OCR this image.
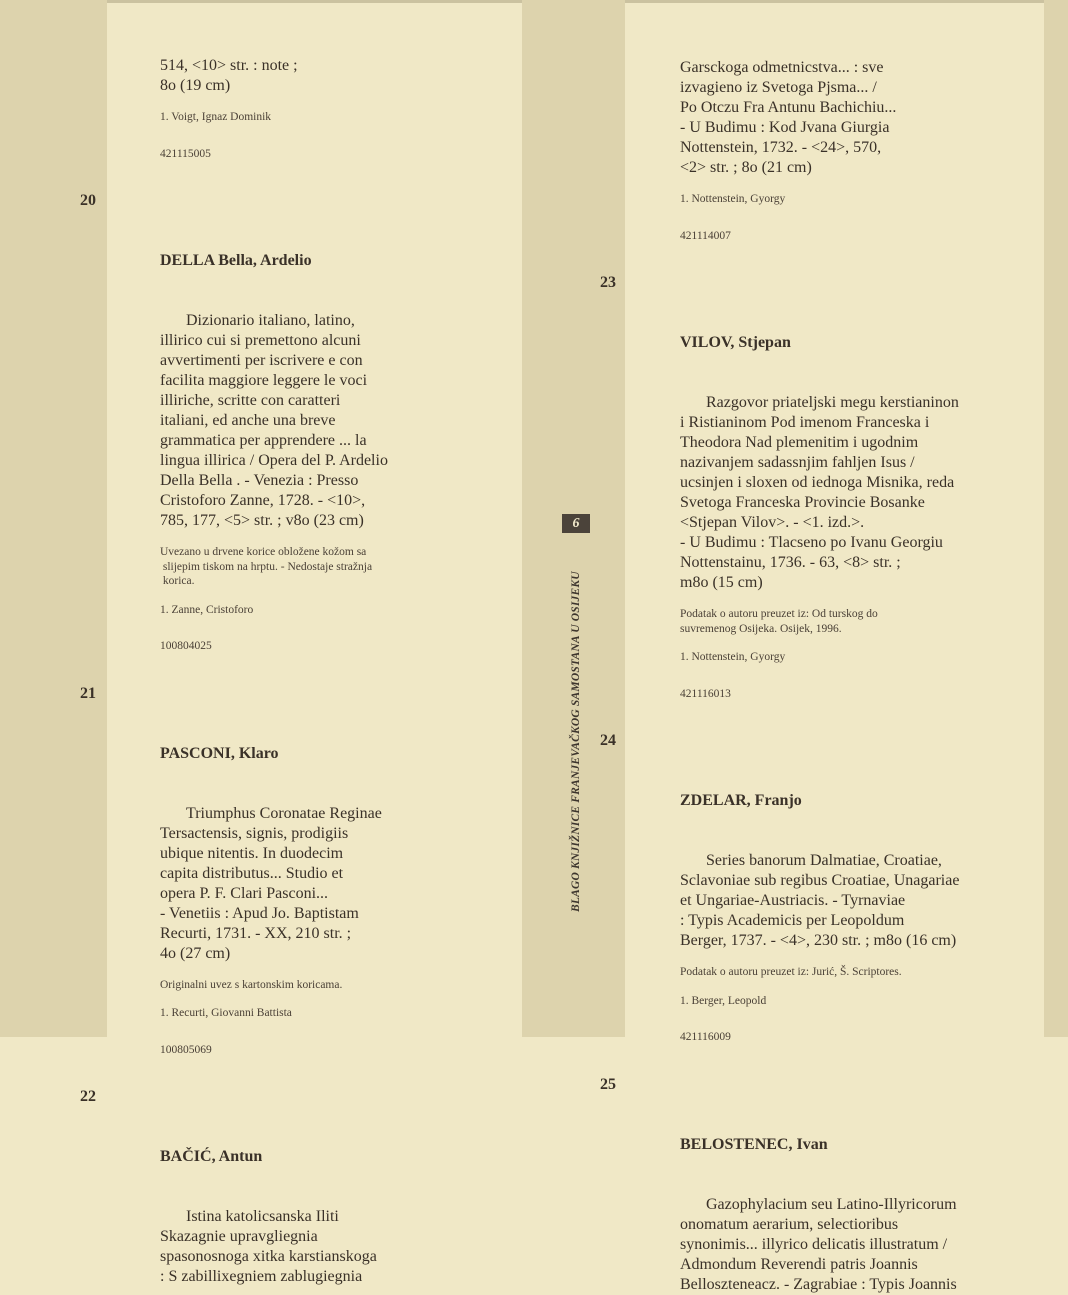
6
BLAGO KNJIŽNICE FRANJEVAČKOG SAMOSTANA U OSIJEKU
514, <10> str. : note ;
8o (19 cm)
1. Voigt, Ignaz Dominik
421115005

20

DELLA Bella, Ardelio

Dizionario italiano, latino,
illirico cui si premettono alcuni
avvertimenti per iscrivere e con
facilita maggiore leggere le voci
illiriche, scritte con caratteri
italiani, ed anche una breve
grammatica per apprendere ... la
lingua illirica / Opera del P. Ardelio
Della Bella . - Venezia : Presso
Cristoforo Zanne, 1728. - <10>,
785, 177, <5> str. ; v8o (23 cm)
Uvezano u drvene korice obložene kožom sa
slijepim tiskom na hrptu. - Nedostaje stražnja
korica.
1. Zanne, Cristoforo
100804025

21

PASCONI, Klaro

Triumphus Coronatae Reginae
Tersactensis, signis, prodigiis
ubique nitentis. In duodecim
capita distributus... Studio et
opera P. F. Clari Pasconi...
- Venetiis : Apud Jo. Baptistam
Recurti, 1731. - XX, 210 str. ;
4o (27 cm)
Originalni uvez s kartonskim koricama.
1. Recurti, Giovanni Battista
100805069

22

BAČIĆ, Antun

Istina katolicsanska Iliti
Skazagnie upravgliegnia
spasonosnoga xitka karstianskoga
: S zabillixegniem zablugiegnia
Garsckoga odmetnicstva... : sve
izvagieno iz Svetoga Pjsma... /
Po Otczu Fra Antunu Bachichiu...
- U Budimu : Kod Jvana Giurgia
Nottenstein, 1732. - <24>, 570,
<2> str. ; 8o (21 cm)
1. Nottenstein, Gyorgy
421114007

23

VILOV, Stjepan

Razgovor priateljski megu kerstianinon
i Ristianinom Pod imenom Franceska i
Theodora Nad plemenitim i ugodnim
nazivanjem sadassnjim fahljen Isus /
ucsinjen i sloxen od iednoga Misnika, reda
Svetoga Franceska Provincie Bosanke
<Stjepan Vilov>. - <1. izd.>.
- U Budimu : Tlacseno po Ivanu Georgiu
Nottenstainu, 1736. - 63, <8> str. ;
m8o (15 cm)
Podatak o autoru preuzet iz: Od turskog do
suvremenog Osijeka. Osijek, 1996.
1. Nottenstein, Gyorgy
421116013

24

ZDELAR, Franjo

Series banorum Dalmatiae, Croatiae,
Sclavoniae sub regibus Croatiae, Unagariae
et Ungariae-Austriacis. - Tyrnaviae
: Typis Academicis per Leopoldum
Berger, 1737. - <4>, 230 str. ; m8o (16 cm)
Podatak o autoru preuzet iz: Jurić, Š. Scriptores.
1. Berger, Leopold
421116009

25

BELOSTENEC, Ivan

Gazophylacium seu Latino-Illyricorum
onomatum aerarium, selectioribus
synonimis... illyrico delicatis illustratum /
Admondum Reverendi patris Joannis
Belloszteneacz. - Zagrabiae : Typis Joannis
